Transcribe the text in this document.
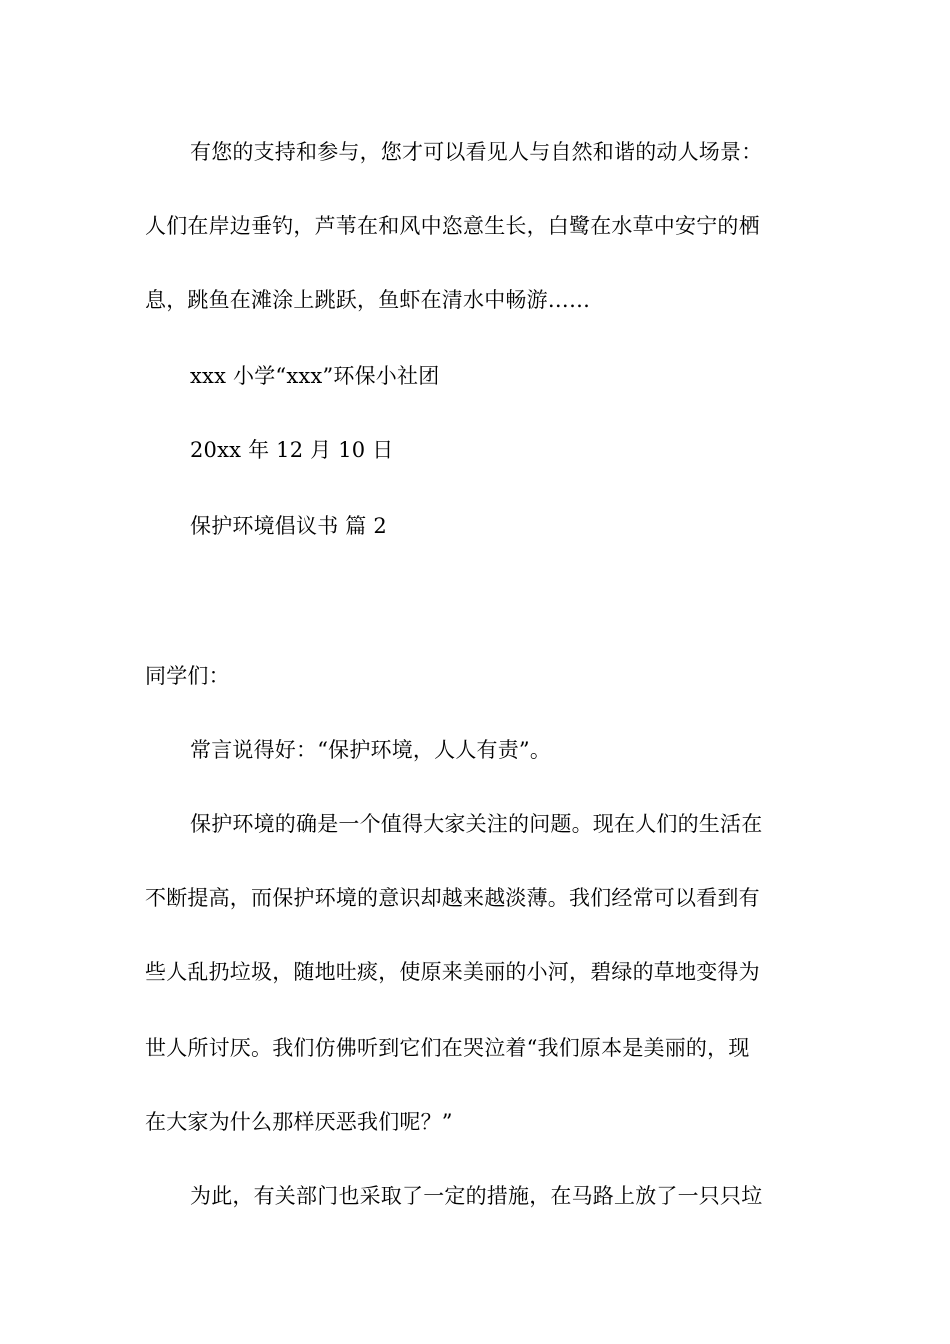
有您的支持和参与，您才可以看见人与自然和谐的动人场景：
人们在岸边垂钓，芦苇在和风中恣意生长，白鹭在水草中安宁的栖
息，跳鱼在滩涂上跳跃，鱼虾在清水中畅游……
xxx 小学“xxx”环保小社团
20xx 年 12 月 10 日
保护环境倡议书 篇 2
同学们：
常言说得好：“保护环境，人人有责”。
保护环境的确是一个值得大家关注的问题。现在人们的生活在
不断提高，而保护环境的意识却越来越淡薄。我们经常可以看到有
些人乱扔垃圾，随地吐痰，使原来美丽的小河，碧绿的草地变得为
世人所讨厌。我们仿佛听到它们在哭泣着“我们原本是美丽的，现
在大家为什么那样厌恶我们呢？”
为此，有关部门也采取了一定的措施，在马路上放了一只只垃
